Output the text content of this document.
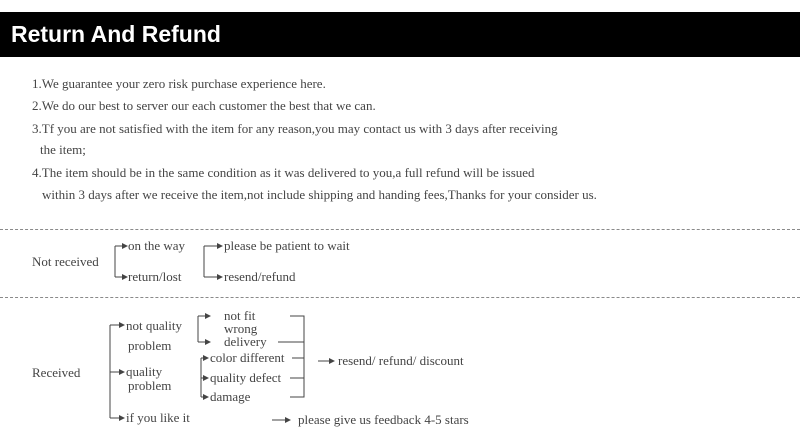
Return And Refund
1.We guarantee your zero risk purchase experience here.
2.We do our best to server our each customer the best that we can.
3.Tf you are not satisfied with the item for any reason,you may contact us with 3 days after receiving
the item;
4.The item should be in the same condition as it was delivered to you,a full refund will be issued
within 3 days after we receive the item,not include shipping and handing fees,Thanks for your consider us.
Not received
on the way
return/lost
please be patient to wait
resend/refund
Received
not quality
problem
not fit
wrong
delivery
quality
problem
color different
quality defect
damage
resend/ refund/ discount
if you like it	please give us feedback 4-5 stars
